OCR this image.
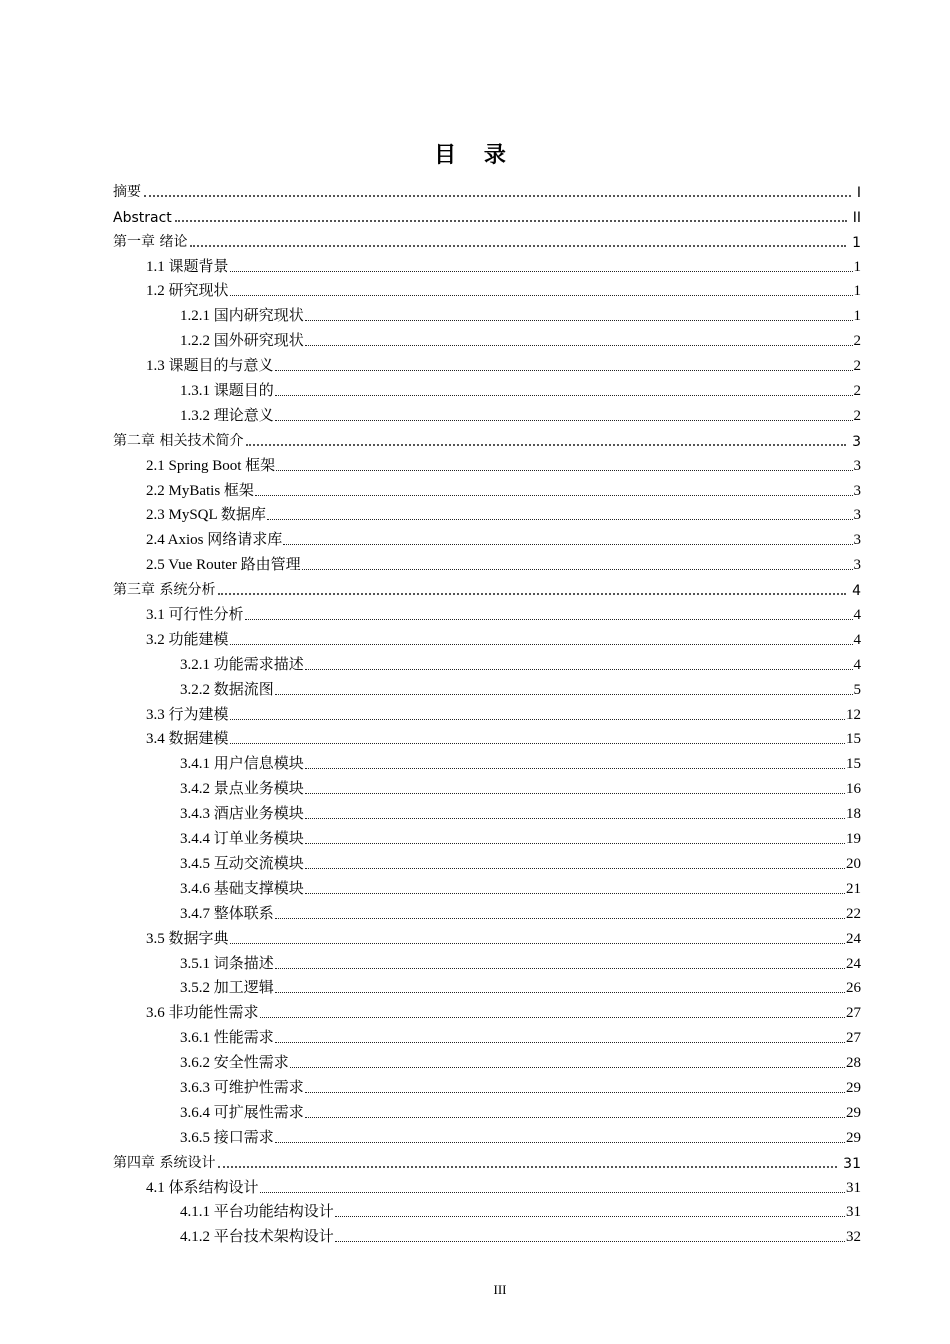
目 录
摘要	I
Abstract	II
第一章 绪论	1
1.1 课题背景	1
1.2 研究现状	1
1.2.1 国内研究现状	1
1.2.2 国外研究现状	2
1.3 课题目的与意义	2
1.3.1 课题目的	2
1.3.2 理论意义	2
第二章 相关技术简介	3
2.1 Spring Boot 框架	3
2.2 MyBatis 框架	3
2.3 MySQL 数据库	3
2.4 Axios 网络请求库	3
2.5 Vue Router 路由管理	3
第三章 系统分析	4
3.1 可行性分析	4
3.2 功能建模	4
3.2.1 功能需求描述	4
3.2.2 数据流图	5
3.3 行为建模	12
3.4 数据建模	15
3.4.1 用户信息模块	15
3.4.2 景点业务模块	16
3.4.3 酒店业务模块	18
3.4.4 订单业务模块	19
3.4.5 互动交流模块	20
3.4.6 基础支撑模块	21
3.4.7 整体联系	22
3.5 数据字典	24
3.5.1 词条描述	24
3.5.2 加工逻辑	26
3.6 非功能性需求	27
3.6.1 性能需求	27
3.6.2 安全性需求	28
3.6.3 可维护性需求	29
3.6.4 可扩展性需求	29
3.6.5 接口需求	29
第四章 系统设计	31
4.1 体系结构设计	31
4.1.1 平台功能结构设计	31
4.1.2 平台技术架构设计	32
III
